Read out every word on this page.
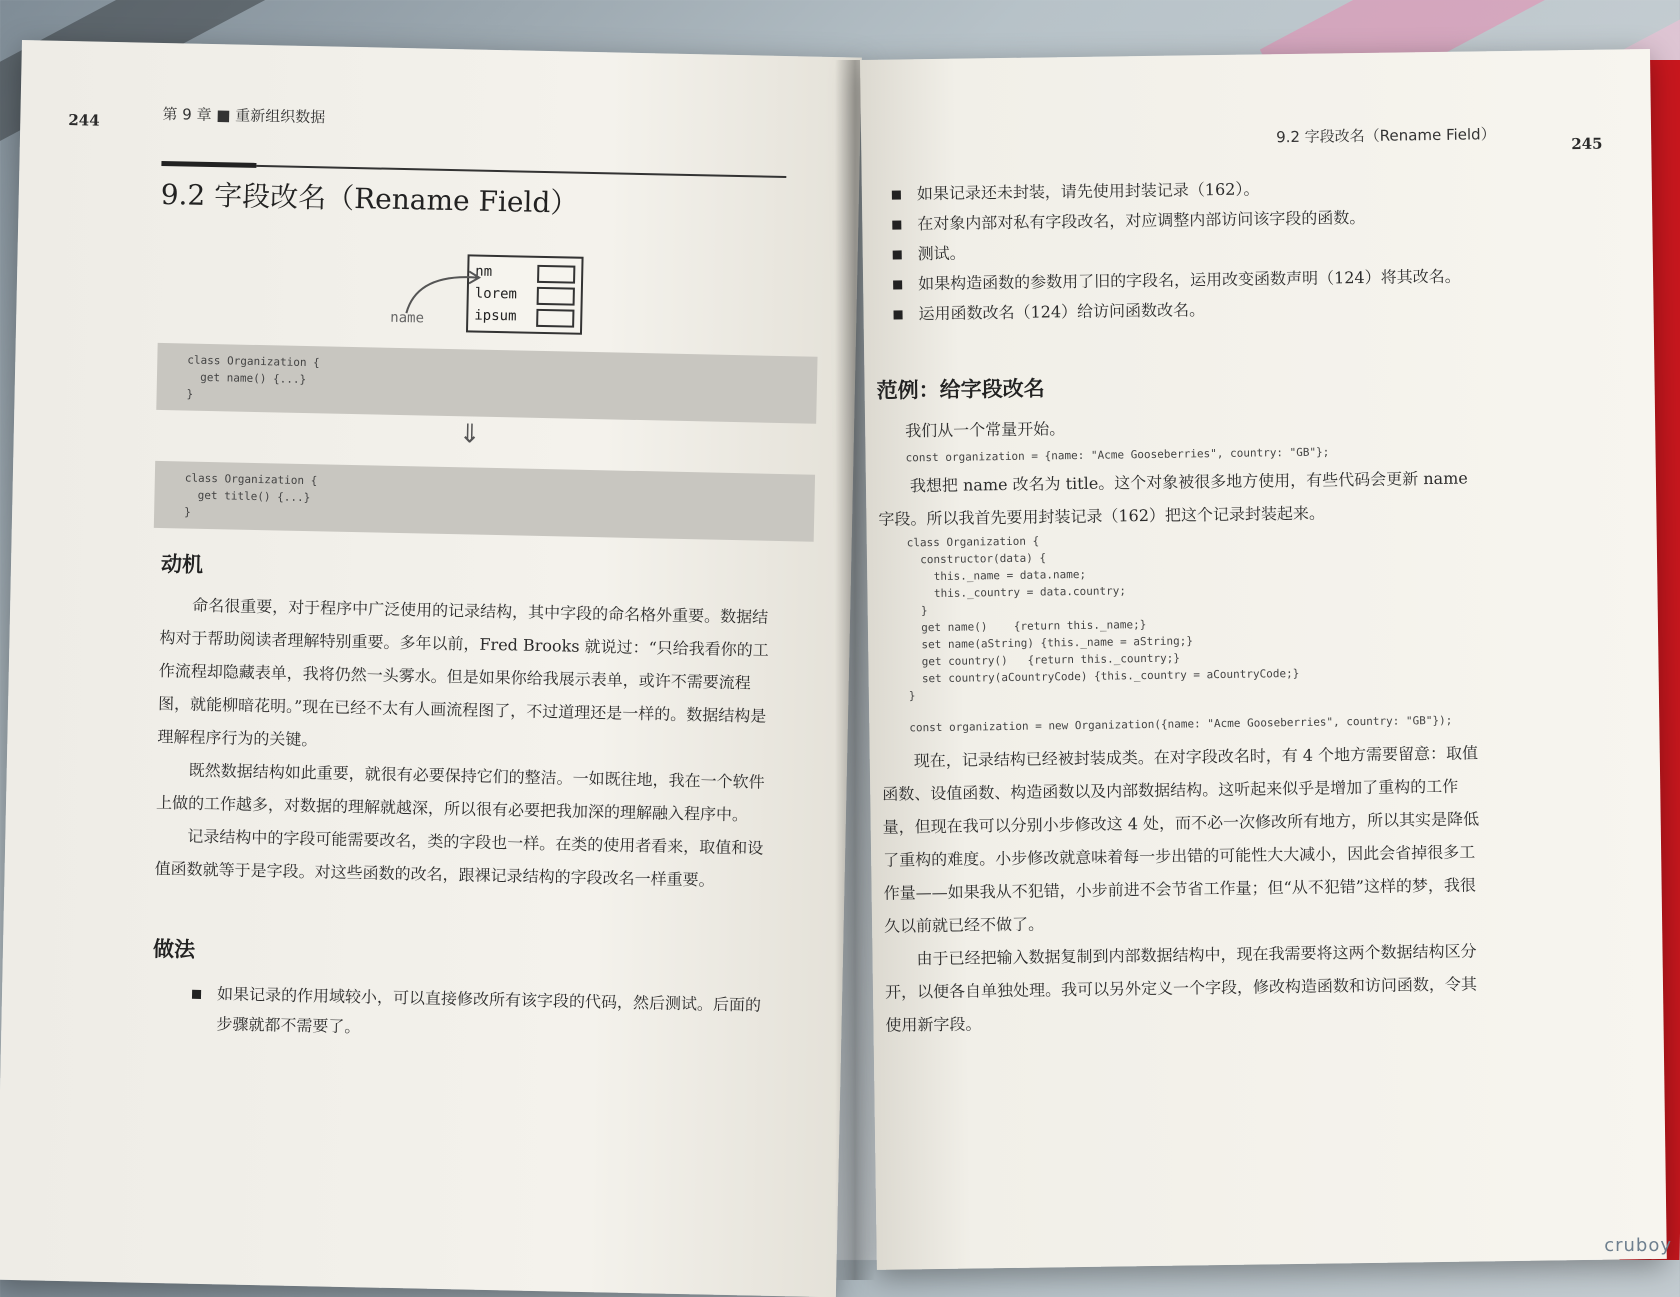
244	第 9 章 ■ 重新组织数据
9.2 字段改名（Rename Field）
nm
lorem
ipsum
name
class Organization {
get name() {...}
}
⇓
class Organization {
get title() {...}
}
动机
命名很重要，对于程序中广泛使用的记录结构，其中字段的命名格外重要。数据结构对于帮助阅读者理解特别重要。多年以前，Fred Brooks 就说过：“只给我看你的工作流程却隐藏表单，我将仍然一头雾水。但是如果你给我展示表单，或许不需要流程图，就能柳暗花明。”现在已经不太有人画流程图了，不过道理还是一样的。数据结构是理解程序行为的关键。
既然数据结构如此重要，就很有必要保持它们的整洁。一如既往地，我在一个软件上做的工作越多，对数据的理解就越深，所以很有必要把我加深的理解融入程序中。
记录结构中的字段可能需要改名，类的字段也一样。在类的使用者看来，取值和设值函数就等于是字段。对这些函数的改名，跟裸记录结构的字段改名一样重要。
做法
如果记录的作用域较小，可以直接修改所有该字段的代码，然后测试。后面的步骤就都不需要了。
9.2 字段改名（Rename Field）	245
如果记录还未封装，请先使用封装记录（162）。
在对象内部对私有字段改名，对应调整内部访问该字段的函数。
测试。
如果构造函数的参数用了旧的字段名，运用改变函数声明（124）将其改名。
运用函数改名（124）给访问函数改名。
范例：给字段改名
我们从一个常量开始。
const organization = {name: "Acme Gooseberries", country: "GB"};
我想把 name 改名为 title。这个对象被很多地方使用，有些代码会更新 name 字段。所以我首先要用封装记录（162）把这个记录封装起来。
class Organization {
constructor(data) {
this._name = data.name;
this._country = data.country;
}
get name()    {return this._name;}
set name(aString) {this._name = aString;}
get country()   {return this._country;}
set country(aCountryCode) {this._country = aCountryCode;}
}
const organization = new Organization({name: "Acme Gooseberries", country: "GB"});
现在，记录结构已经被封装成类。在对字段改名时，有 4 个地方需要留意：取值函数、设值函数、构造函数以及内部数据结构。这听起来似乎是增加了重构的工作量，但现在我可以分别小步修改这 4 处，而不必一次修改所有地方，所以其实是降低了重构的难度。小步修改就意味着每一步出错的可能性大大减小，因此会省掉很多工作量——如果我从不犯错，小步前进不会节省工作量；但“从不犯错”这样的梦，我很久以前就已经不做了。
由于已经把输入数据复制到内部数据结构中，现在我需要将这两个数据结构区分开，以便各自单独处理。我可以另外定义一个字段，修改构造函数和访问函数，令其使用新字段。
cruboy
